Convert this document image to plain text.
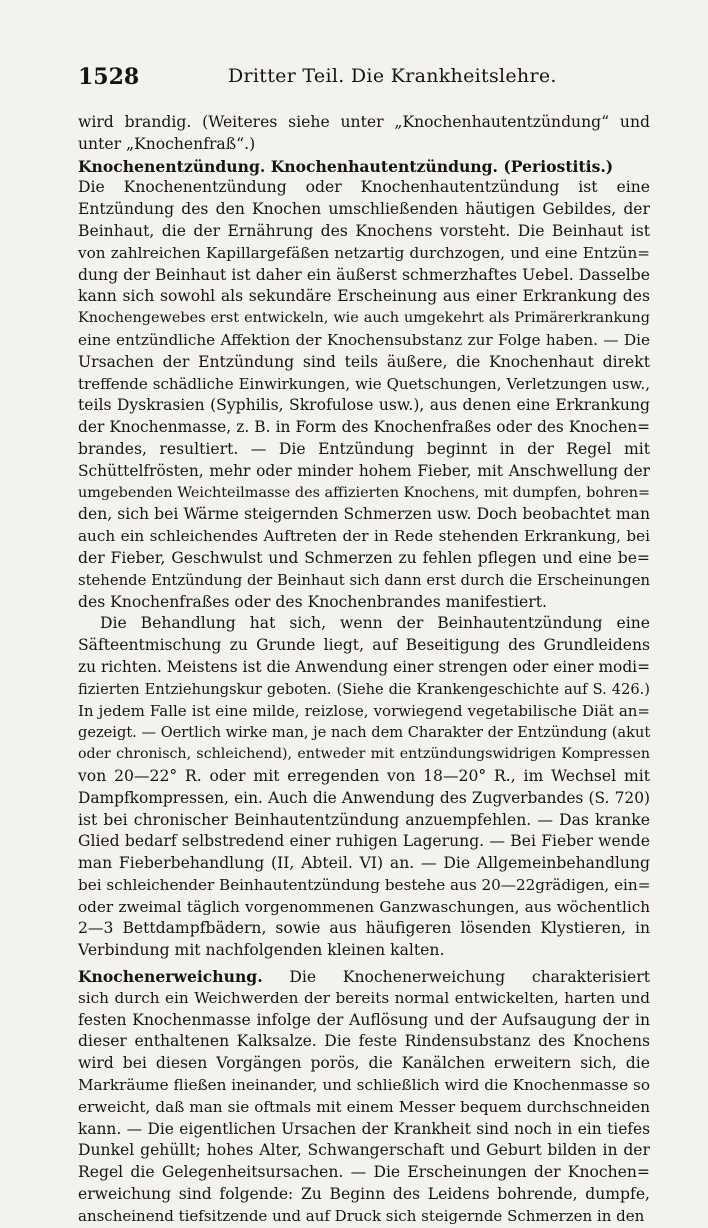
1528	Dritter Teil. Die Krankheitslehre.
wird brandig. (Weiteres siehe unter „Knochenhautentzündung“ und
unter „Knochenfraß“.)
Knochenentzündung. Knochenhautentzündung. (Periostitis.)
Die Knochenentzündung oder Knochenhautentzündung ist eine
Entzündung des den Knochen umschließenden häutigen Gebildes, der
Beinhaut, die der Ernährung des Knochens vorsteht. Die Beinhaut ist
von zahlreichen Kapillargefäßen netzartig durchzogen, und eine Entzün=
dung der Beinhaut ist daher ein äußerst schmerzhaftes Uebel. Dasselbe
kann sich sowohl als sekundäre Erscheinung aus einer Erkrankung des
Knochengewebes erst entwickeln, wie auch umgekehrt als Primärerkrankung
eine entzündliche Affektion der Knochensubstanz zur Folge haben. — Die
Ursachen der Entzündung sind teils äußere, die Knochenhaut direkt
treffende schädliche Einwirkungen, wie Quetschungen, Verletzungen usw.,
teils Dyskrasien (Syphilis, Skrofulose usw.), aus denen eine Erkrankung
der Knochenmasse, z. B. in Form des Knochenfraßes oder des Knochen=
brandes, resultiert. — Die Entzündung beginnt in der Regel mit
Schüttelfrösten, mehr oder minder hohem Fieber, mit Anschwellung der
umgebenden Weichteilmasse des affizierten Knochens, mit dumpfen, bohren=
den, sich bei Wärme steigernden Schmerzen usw. Doch beobachtet man
auch ein schleichendes Auftreten der in Rede stehenden Erkrankung, bei
der Fieber, Geschwulst und Schmerzen zu fehlen pflegen und eine be=
stehende Entzündung der Beinhaut sich dann erst durch die Erscheinungen
des Knochenfraßes oder des Knochenbrandes manifestiert.
Die Behandlung hat sich, wenn der Beinhautentzündung eine
Säfteentmischung zu Grunde liegt, auf Beseitigung des Grundleidens
zu richten. Meistens ist die Anwendung einer strengen oder einer modi=
fizierten Entziehungskur geboten. (Siehe die Krankengeschichte auf S. 426.)
In jedem Falle ist eine milde, reizlose, vorwiegend vegetabilische Diät an=
gezeigt. — Oertlich wirke man, je nach dem Charakter der Entzündung (akut
oder chronisch, schleichend), entweder mit entzündungswidrigen Kompressen
von 20—22° R. oder mit erregenden von 18—20° R., im Wechsel mit
Dampfkompressen, ein. Auch die Anwendung des Zugverbandes (S. 720)
ist bei chronischer Beinhautentzündung anzuempfehlen. — Das kranke
Glied bedarf selbstredend einer ruhigen Lagerung. — Bei Fieber wende
man Fieberbehandlung (II, Abteil. VI) an. — Die Allgemeinbehandlung
bei schleichender Beinhautentzündung bestehe aus 20—22grädigen, ein=
oder zweimal täglich vorgenommenen Ganzwaschungen, aus wöchentlich
2—3 Bettdampfbädern, sowie aus häufigeren lösenden Klystieren, in
Verbindung mit nachfolgenden kleinen kalten.
Knochenerweichung. Die Knochenerweichung charakterisiert
sich durch ein Weichwerden der bereits normal entwickelten, harten und
festen Knochenmasse infolge der Auflösung und der Aufsaugung der in
dieser enthaltenen Kalksalze. Die feste Rindensubstanz des Knochens
wird bei diesen Vorgängen porös, die Kanälchen erweitern sich, die
Markräume fließen ineinander, und schließlich wird die Knochenmasse so
erweicht, daß man sie oftmals mit einem Messer bequem durchschneiden
kann. — Die eigentlichen Ursachen der Krankheit sind noch in ein tiefes
Dunkel gehüllt; hohes Alter, Schwangerschaft und Geburt bilden in der
Regel die Gelegenheitsursachen. — Die Erscheinungen der Knochen=
erweichung sind folgende: Zu Beginn des Leidens bohrende, dumpfe,
anscheinend tiefsitzende und auf Druck sich steigernde Schmerzen in den
